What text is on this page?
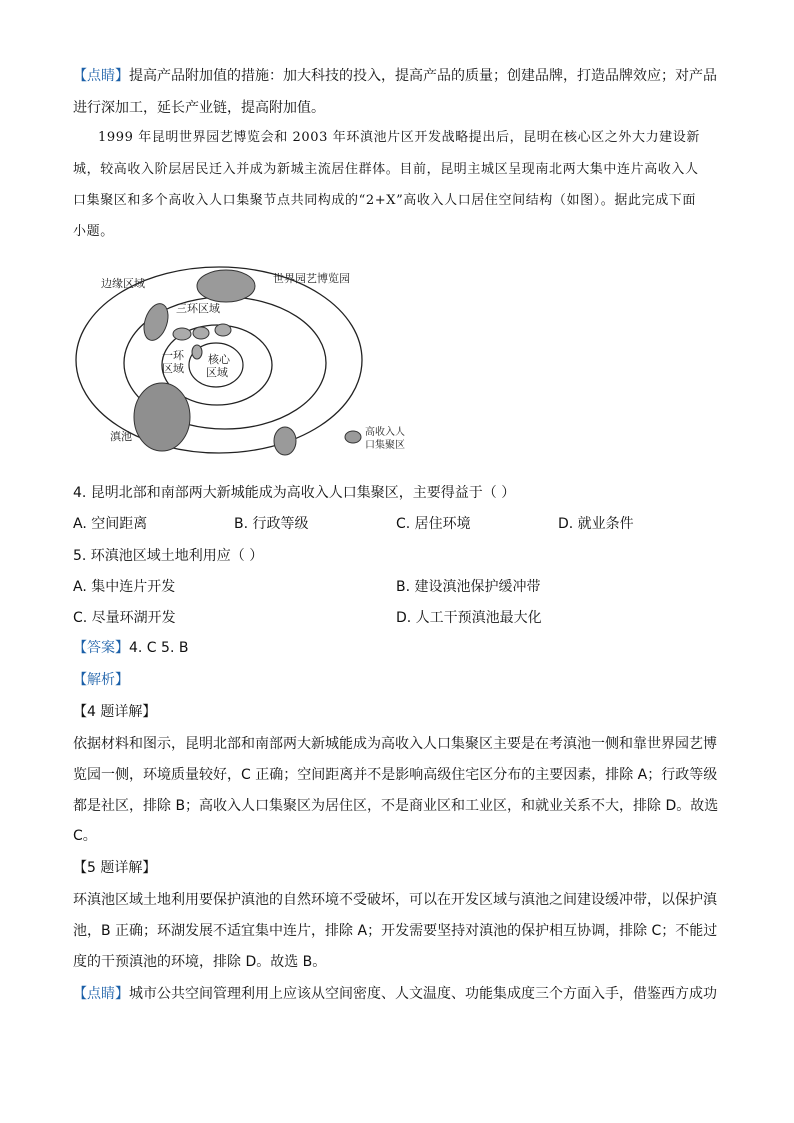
【点睛】提高产品附加值的措施：加大科技的投入，提高产品的质量；创建品牌，打造品牌效应；对产品
进行深加工，延长产业链，提高附加值。
1999 年昆明世界园艺博览会和 2003 年环滇池片区开发战略提出后，昆明在核心区之外大力建设新
城，较高收入阶层居民迁入并成为新城主流居住群体。目前，昆明主城区呈现南北两大集中连片高收入人
口集聚区和多个高收入人口集聚节点共同构成的“2+X”高收入人口居住空间结构（如图）。据此完成下面
小题。
边缘区域	世界园艺博览园
三环区域
一环
区域
核心
区域
滇池	高收入人
口集聚区
4. 昆明北部和南部两大新城能成为高收入人口集聚区，主要得益于（ ）
A. 空间距离	B. 行政等级	C. 居住环境	D. 就业条件
5. 环滇池区域土地利用应（ ）
A. 集中连片开发	B. 建设滇池保护缓冲带
C. 尽量环湖开发	D. 人工干预滇池最大化
【答案】4. C 5. B
【解析】
【4 题详解】
依据材料和图示，昆明北部和南部两大新城能成为高收入人口集聚区主要是在考滇池一侧和靠世界园艺博
览园一侧，环境质量较好，C 正确；空间距离并不是影响高级住宅区分布的主要因素，排除 A；行政等级
都是社区，排除 B；高收入人口集聚区为居住区，不是商业区和工业区，和就业关系不大，排除 D。故选
C。
【5 题详解】
环滇池区域土地利用要保护滇池的自然环境不受破坏，可以在开发区域与滇池之间建设缓冲带，以保护滇
池，B 正确；环湖发展不适宜集中连片，排除 A；开发需要坚持对滇池的保护相互协调，排除 C；不能过
度的干预滇池的环境，排除 D。故选 B。
【点睛】城市公共空间管理利用上应该从空间密度、人文温度、功能集成度三个方面入手，借鉴西方成功
